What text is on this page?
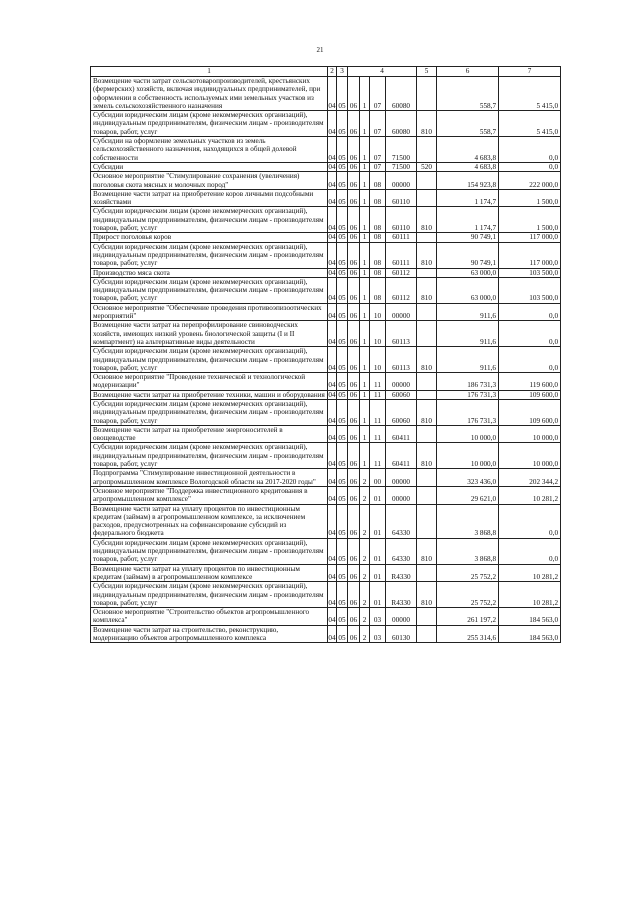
21
1	2	3	4				5	6	7
Возмещение части затрат сельскотоваропроизводителей, крестьянских (фермерских) хозяйств, включая индивидуальных предпринимателей, при оформлении в собственность используемых ими земельных участков из земель сельскохозяйственного назначения	04	05	06	1	07	60080		558,7	5 415,0
Субсидии юридическим лицам (кроме некоммерческих организаций), индивидуальным предпринимателям, физическим лицам - производителям товаров, работ, услуг	04	05	06	1	07	60080	810	558,7	5 415,0
Субсидии на оформление земельных участков из земель сельскохозяйственного назначения, находящихся в общей долевой собственности	04	05	06	1	07	71500		4 683,8	0,0
Субсидии	04	05	06	1	07	71500	520	4 683,8	0,0
Основное мероприятие "Стимулирование сохранения (увеличения) поголовья скота мясных и молочных пород"	04	05	06	1	08	00000		154 923,8	222 000,0
Возмещение части затрат на приобретение коров личными подсобными хозяйствами	04	05	06	1	08	60110		1 174,7	1 500,0
Субсидии юридическим лицам (кроме некоммерческих организаций), индивидуальным предпринимателям, физическим лицам - производителям товаров, работ, услуг	04	05	06	1	08	60110	810	1 174,7	1 500,0
Прирост поголовья коров	04	05	06	1	08	60111		90 749,1	117 000,0
Субсидии юридическим лицам (кроме некоммерческих организаций), индивидуальным предпринимателям, физическим лицам - производителям товаров, работ, услуг	04	05	06	1	08	60111	810	90 749,1	117 000,0
Производство мяса скота	04	05	06	1	08	60112		63 000,0	103 500,0
Субсидии юридическим лицам (кроме некоммерческих организаций), индивидуальным предпринимателям, физическим лицам - производителям товаров, работ, услуг	04	05	06	1	08	60112	810	63 000,0	103 500,0
Основное мероприятие "Обеспечение проведения противоэпизоотических мероприятий"	04	05	06	1	10	00000		911,6	0,0
Возмещение части затрат на перепрофилирование свиноводческих хозяйств, имеющих низкий уровень биологической защиты (I и II компартмент) на альтернативные виды деятельности	04	05	06	1	10	60113		911,6	0,0
Субсидии юридическим лицам (кроме некоммерческих организаций), индивидуальным предпринимателям, физическим лицам - производителям товаров, работ, услуг	04	05	06	1	10	60113	810	911,6	0,0
Основное мероприятие "Проведение технической и технологической модернизации"	04	05	06	1	11	00000		186 731,3	119 600,0
Возмещение части затрат на приобретение техники, машин и оборудования	04	05	06	1	11	60060		176 731,3	109 600,0
Субсидии юридическим лицам (кроме некоммерческих организаций), индивидуальным предпринимателям, физическим лицам - производителям товаров, работ, услуг	04	05	06	1	11	60060	810	176 731,3	109 600,0
Возмещение части затрат на приобретение энергоносителей в овощеводстве	04	05	06	1	11	60411		10 000,0	10 000,0
Субсидии юридическим лицам (кроме некоммерческих организаций), индивидуальным предпринимателям, физическим лицам - производителям товаров, работ, услуг	04	05	06	1	11	60411	810	10 000,0	10 000,0
Подпрограмма "Стимулирование инвестиционной деятельности в агропромышленном комплексе Вологодской области на 2017-2020 годы"	04	05	06	2	00	00000		323 436,0	202 344,2
Основное мероприятие "Поддержка инвестиционного кредитования в агропромышленном комплексе"	04	05	06	2	01	00000		29 621,0	10 281,2
Возмещение части затрат на уплату процентов по инвестиционным кредитам (займам) в агропромышленном комплексе, за исключением расходов, предусмотренных на софинансирование субсидий из федерального бюджета	04	05	06	2	01	64330		3 868,8	0,0
Субсидии юридическим лицам (кроме некоммерческих организаций), индивидуальным предпринимателям, физическим лицам - производителям товаров, работ, услуг	04	05	06	2	01	64330	810	3 868,8	0,0
Возмещение части затрат на уплату процентов по инвестиционным кредитам (займам) в агропромышленном комплексе	04	05	06	2	01	R4330		25 752,2	10 281,2
Субсидии юридическим лицам (кроме некоммерческих организаций), индивидуальным предпринимателям, физическим лицам - производителям товаров, работ, услуг	04	05	06	2	01	R4330	810	25 752,2	10 281,2
Основное мероприятие "Строительство объектов агропромышленного комплекса"	04	05	06	2	03	00000		261 197,2	184 563,0
Возмещение части затрат на строительство, реконструкцию, модернизацию объектов агропромышленного комплекса	04	05	06	2	03	60130		255 314,6	184 563,0
